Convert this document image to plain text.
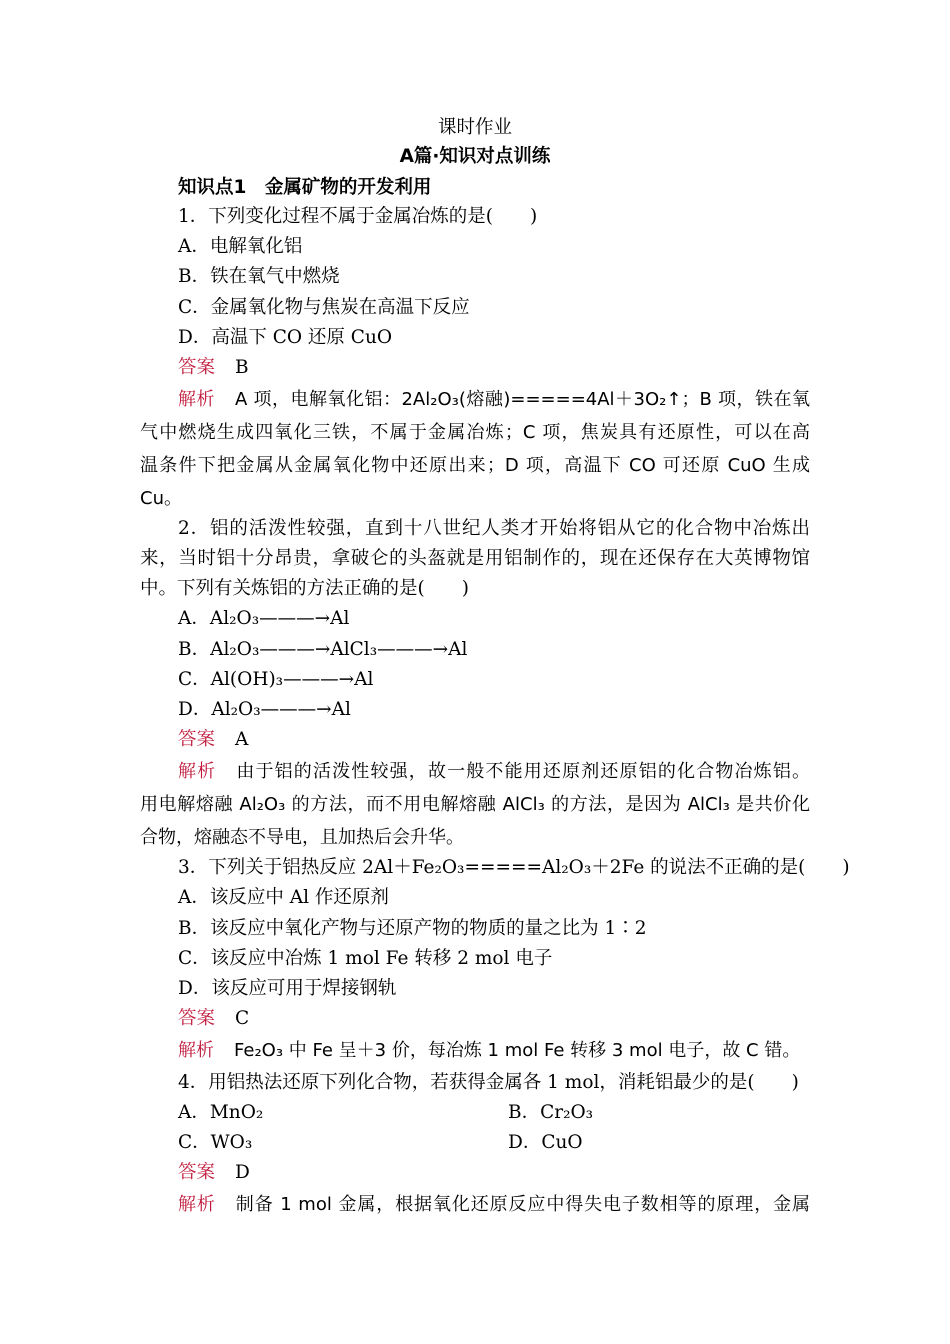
课时作业
A篇·知识对点训练
知识点1　金属矿物的开发利用
1．下列变化过程不属于金属冶炼的是(　　)
A．电解氧化铝
B．铁在氧气中燃烧
C．金属氧化物与焦炭在高温下反应
D．高温下 CO 还原 CuO
答案 B
解析 A 项，电解氧化铝：2Al₂O₃(熔融)=====4Al＋3O₂↑；B 项，铁在氧
气中燃烧生成四氧化三铁，不属于金属冶炼；C 项，焦炭具有还原性，可以在高
温条件下把金属从金属氧化物中还原出来；D 项，高温下 CO 可还原 CuO 生成
Cu。
2．铝的活泼性较强，直到十八世纪人类才开始将铝从它的化合物中冶炼出
来，当时铝十分昂贵，拿破仑的头盔就是用铝制作的，现在还保存在大英博物馆
中。下列有关炼铝的方法正确的是(　　)
A．Al₂O₃———→Al
B．Al₂O₃———→AlCl₃———→Al
C．Al(OH)₃———→Al
D．Al₂O₃———→Al
答案 A
解析 由于铝的活泼性较强，故一般不能用还原剂还原铝的化合物冶炼铝。
用电解熔融 Al₂O₃ 的方法，而不用电解熔融 AlCl₃ 的方法，是因为 AlCl₃ 是共价化
合物，熔融态不导电，且加热后会升华。
3．下列关于铝热反应 2Al＋Fe₂O₃=====Al₂O₃＋2Fe 的说法不正确的是(　　)
A．该反应中 Al 作还原剂
B．该反应中氧化产物与还原产物的物质的量之比为 1∶2
C．该反应中冶炼 1 mol Fe 转移 2 mol 电子
D．该反应可用于焊接钢轨
答案 C
解析 Fe₂O₃ 中 Fe 呈＋3 价，每冶炼 1 mol Fe 转移 3 mol 电子，故 C 错。
4．用铝热法还原下列化合物，若获得金属各 1 mol，消耗铝最少的是(　　)
A．MnO₂	B．Cr₂O₃
C．WO₃	D．CuO
答案 D
解析 制备 1 mol 金属，根据氧化还原反应中得失电子数相等的原理，金属
